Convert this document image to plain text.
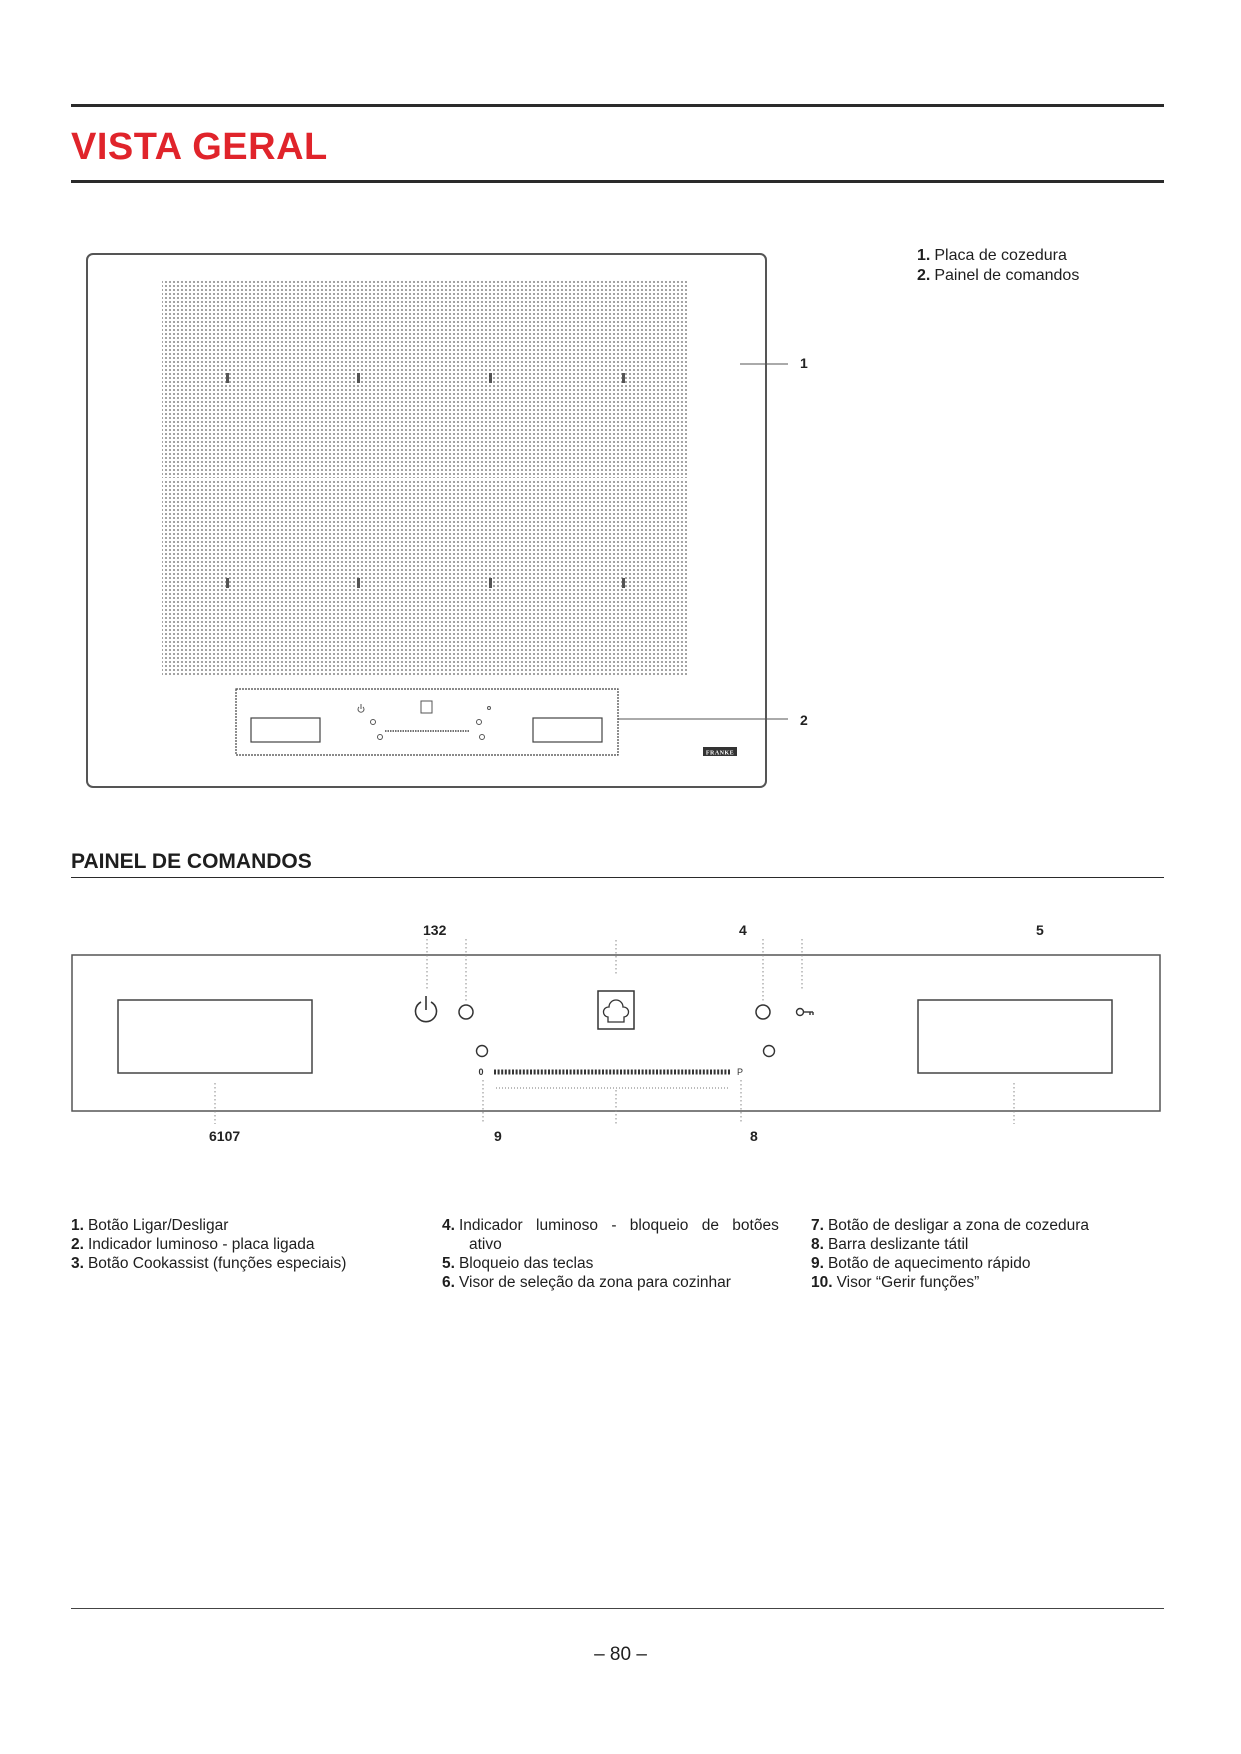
VISTA GERAL
FRANKE
1
2
1. Placa de cozedura
2. Painel de comandos
PAINEL DE COMANDOS
0	P
132	4	5
6107	9	8
1. Botão Ligar/Desligar
2. Indicador luminoso - placa ligada
3. Botão Cookassist (funções especiais)
4. Indicador luminoso - bloqueio de botões
ativo
5. Bloqueio das teclas
6. Visor de seleção da zona para cozinhar
7. Botão de desligar a zona de cozedura
8. Barra deslizante tátil
9. Botão de aquecimento rápido
10. Visor “Gerir funções”
– 80 –
